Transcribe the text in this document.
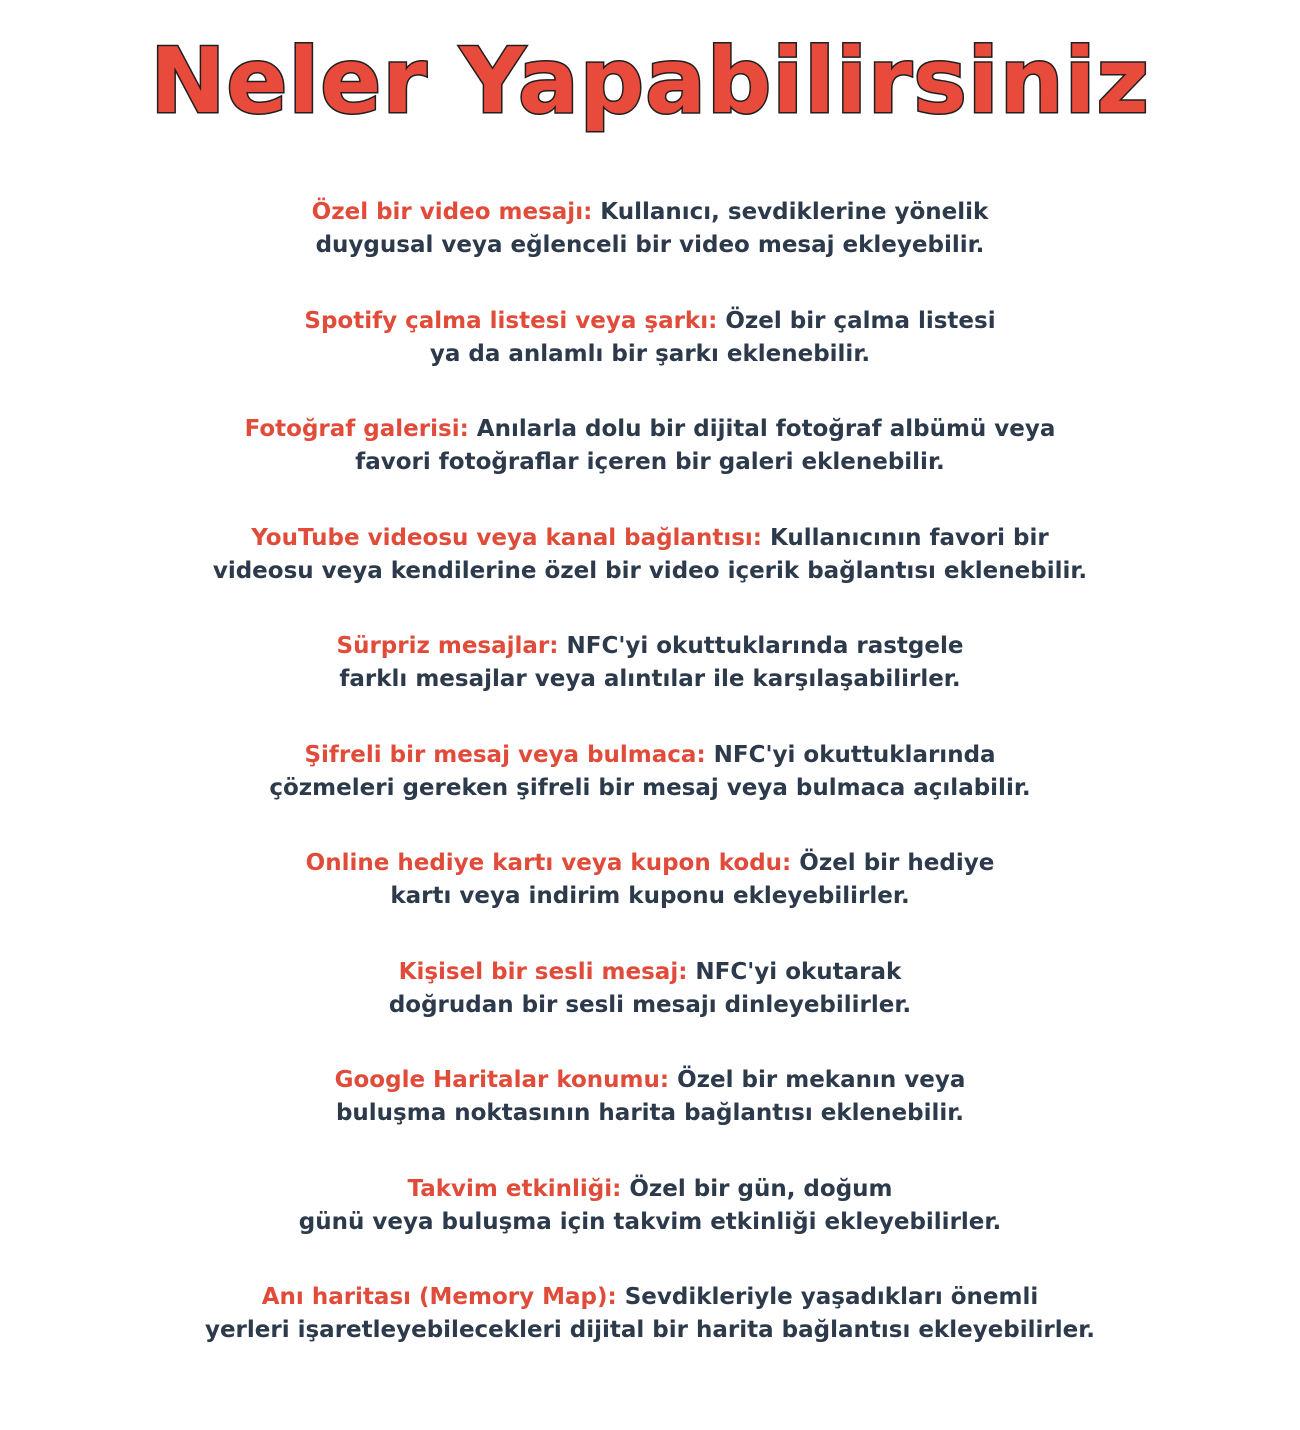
Neler Yapabilirsiniz
Özel bir video mesajı: Kullanıcı, sevdiklerine yönelik
duygusal veya eğlenceli bir video mesaj ekleyebilir.
Spotify çalma listesi veya şarkı: Özel bir çalma listesi
ya da anlamlı bir şarkı eklenebilir.
Fotoğraf galerisi: Anılarla dolu bir dijital fotoğraf albümü veya
favori fotoğraflar içeren bir galeri eklenebilir.
YouTube videosu veya kanal bağlantısı: Kullanıcının favori bir
videosu veya kendilerine özel bir video içerik bağlantısı eklenebilir.
Sürpriz mesajlar: NFC'yi okuttuklarında rastgele
farklı mesajlar veya alıntılar ile karşılaşabilirler.
Şifreli bir mesaj veya bulmaca: NFC'yi okuttuklarında
çözmeleri gereken şifreli bir mesaj veya bulmaca açılabilir.
Online hediye kartı veya kupon kodu: Özel bir hediye
kartı veya indirim kuponu ekleyebilirler.
Kişisel bir sesli mesaj: NFC'yi okutarak
doğrudan bir sesli mesajı dinleyebilirler.
Google Haritalar konumu: Özel bir mekanın veya
buluşma noktasının harita bağlantısı eklenebilir.
Takvim etkinliği: Özel bir gün, doğum
günü veya buluşma için takvim etkinliği ekleyebilirler.
Anı haritası (Memory Map): Sevdikleriyle yaşadıkları önemli
yerleri işaretleyebilecekleri dijital bir harita bağlantısı ekleyebilirler.
